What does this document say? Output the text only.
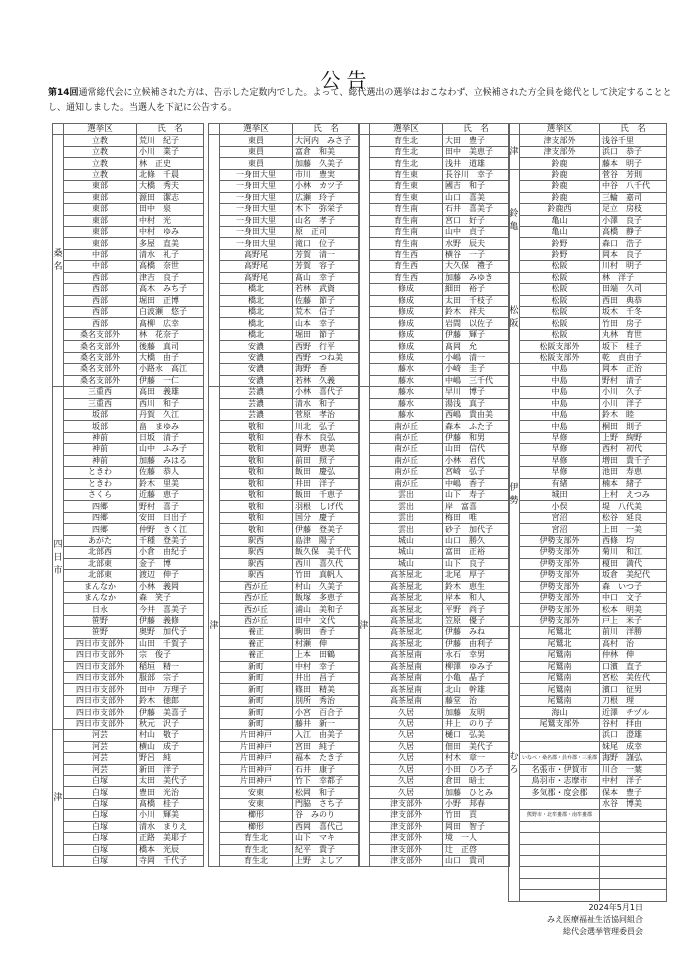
公告
第14回通常総代会に立候補された方は、告示した定数内でした。よって、総代選出の選挙はおこなわず、立候補された方全員を総代として決定することとし、通知しました。当選人を下記に公告する。
	選挙区	氏　名
桑名	立教	荒川　紀子
	立教	小川　業子
	立教	林　正史
	立教	北條　千晨
	東部	大橋　秀夫
	東部	源田　潔志
	東部	田中　泉
	東部	中村　光
	東部	中村　ゆみ
	東部	多屋　直美
	中部	清水　礼子
	中部	高橋　奈世
	西部	津吉　良子
	西部	高木　みち子
	西部	堀田　正博
	西部	白波瀬　悠子
	西部	髙柳　広幸
	桑名支部外	林　花奈子
	桑名支部外	後藤　真司
	桑名支部外	大橋　由子
	桑名支部外	小路永　高江
	桑名支部外	伊藤　一仁
四日市	三重西	高田　義雄
	三重西	西川　和子
	坂部	丹賀　久江
	坂部	畠　まゆみ
	神前	日坂　清子
	神前	山中　ふみ子
	神前	加藤　みはる
	ときわ	佐藤　恭人
	ときわ	鈴木　里美
	さくら	近藤　恵子
	四郷	野村　喜子
	四郷	安田　日出子
	四郷	仲野　きく江
	あがた	千種　登美子
	北部西	小倉　由紀子
	北部東	金子　博
	北部東	渡辺　伸子
	まんなか	小林　義岡
	まんなか	森　笑子
	日永	今井　喜美子
	笹野	伊藤　義修
	笹野	奥野　加代子
	四日市支部外	山田　千賀子
	四日市支部外	宗　俊子
	四日市支部外	稲垣　精一
	四日市支部外	服部　宗子
	四日市支部外	田中　万理子
	四日市支部外	鈴木　徳郎
	四日市支部外	伊藤　美喜子
	四日市支部外	秋元　沢子
津	河芸	村山　敬子
	河芸	横山　成子
	河芸	野呂　純
	河芸	新田　洋子
	白塚	太田　美代子
	白塚	豊田　光治
	白塚	髙橋　桂子
	白塚	小川　輝美
	白塚	清水　まりえ
	白塚	正路　美耶子
	白塚	橋本　光辰
	白塚	寺岡　千代子
	選挙区	氏　名
	東員	大河内　みさ子
	東員	富倉　和美
	東員	加藤　久美子
	一身田大里	市川　豊実
	一身田大里	小林　カツ子
	一身田大里	広瀬　玲子
	一身田大里	木下　弥栄子
	一身田大里	山名　孝子
	一身田大里	原　正司
	一身田大里	滝口　位子
	高野尾	芳賀　清一
	高野尾	芳賀　容子
	高野尾	髙山　幸子
	橋北	若林　武資
	橋北	佐藤　節子
	橋北	荒木　信子
	橋北	山本　幸子
	橋北	堀田　節子
	安濃	西野　行平
	安濃	西野　つね美
	安濃	海野　香
	安濃	若林　久義
津	芸濃	小林　喜代子
	芸濃	清水　和子
	芸濃	菅原　孝治
	敬和	川北　弘子
	敬和	春木　良弘
	敬和	岡野　恵美
	敬和	前田　照子
	敬和	飯田　慶弘
	敬和	井田　洋子
	敬和	飯田　千恵子
	敬和	羽根　しげ代
	敬和	国分　慶子
	敬和	伊藤　登美子
	駅西	島津　陽子
	駅西	飯久保　美千代
	駅西	西川　喜久代
	駅西	竹田　真帆人
	西が丘	村山　久美子
	西が丘	飯塚　多恵子
	西が丘	浦山　美和子
	西が丘	田中　文代
	養正	駒田　香子
	養正	村瀬　伸
	養正	上本　田鶴
	新町	中村　幸子
	新町	井出　昌子
	新町	篠田　精美
	新町	別所　秀治
	新町	小宮　百合子
	新町	藤井　新一
	片田神戸	入江　由美子
	片田神戸	宮田　純子
	片田神戸	福本　たき子
	片田神戸	石井　康子
	片田神戸	竹下　幸都子
	安東	松岡　和子
	安東	門脇　さち子
	櫛形	谷　みのり
	櫛形	西岡　喜代己
	育生北	山下　マキ
	育生北	紀平　貴子
	育生北	上野　よしア
	選挙区	氏　名
	育生北	大田　豊子
	育生北	田中　美恵子
	育生北	浅井　道雄
	育生東	長谷川　幸子
	育生東	國吉　和子
	育生東	山口　喜美
	育生南	石井　喜美子
	育生南	宮口　好子
	育生南	山中　貞子
	育生南	水野　辰夫
	育生西	横谷　一子
	育生西	大久保　禮子
	育生西	加藤　みゆき
	修成	細田　裕子
	修成	太田　千枝子
	修成	鈴木　祥夫
	修成	岩間　以佐子
	修成	伊藤　輝子
	修成	髙岡　允
	修成	小嶋　清一
	藤水	小崎　圭子
	藤水	中嶋　三千代
津	藤水	早川　博子
	藤水	湯浅　真子
	藤水	西嶋　貴由美
	南が丘	森本　ふた子
	南が丘	伊藤　和男
	南が丘	山田　信代
	南が丘	小林　君代
	南が丘	宮崎　弘子
	南が丘	中嶋　香子
	雲出	山下　寿子
	雲出	岸　富喜
	雲出	梅田　唯
	雲出	砂子　加代子
	城山	山口　勝久
	城山	富田　正裕
	城山	山下　良子
	高茶屋北	北尾　厚子
	高茶屋北	鈴木　恵生
	高茶屋北	岸本　和人
	高茶屋北	平野　尚子
	高茶屋北	笠原　優子
	高茶屋北	伊藤　みね
	高茶屋北	伊藤　由利子
	高茶屋南	永石　幸男
	高茶屋南	柳澤　ゆみ子
	高茶屋南	小亀　晶子
	高茶屋南	北山　幹雄
	高茶屋南	藤堂　治
	久居	加藤　友明
	久居	井上　のり子
	久居	樋口　弘美
	久居	佃田　美代子
	久居	村木　章一
	久居	小田　ひろ子
	久居	倉田　暗士
	久居	加藤　ひとみ
	津支部外	小野　邦春
	津支部外	竹田　貢
	津支部外	岡田　智子
	津支部外	境　一人
	津支部外	辻　正啓
	津支部外	山口　貴司
	選挙区	氏　名
津	津支部外	浅谷千里
	津支部外	浜口　恭子
	鈴鹿	藤本　明子
鈴亀	鈴鹿	菅谷　芳則
	鈴鹿	中谷　八千代
	鈴鹿	三輪　嘉司
	鈴鹿西	足立　房枝
	亀山	小澤　良子
	亀山	高橋　静子
	鈴野	森口　浩子
	鈴野	岡本　良子
	松阪	川村　明子
松阪	松阪	林　洋子
	松阪	田端　久司
	松阪	西田　典恭
	松阪	坂木　千冬
	松阪	竹田　房子
	松阪	丸林　育世
	松阪支部外	坂下　桂子
	松阪支部外	乾　貞由子
伊勢	中島	岡本　正治
	中島	野村　清子
	中島	小川　久子
	中島	小川　洋子
	中島	鈴木　睦
	中島	桐田　則子
	早修	上野　絢野
	早修	西村　初代
	早修	増田　貴千子
	早修	池田　寿恵
	有緒	楠本　緒子
	城田	上村　えつみ
	小俣	堤　八代美
	宮沼	松谷　延良
	宮沼	上田　一美
	伊勢支部外	西條　均
	伊勢支部外	菊川　和江
	伊勢支部外	榎田　満代
	伊勢支部外	坂倉　美紀代
	伊勢支部外	森　いつ子
	伊勢支部外	中口　文子
	伊勢支部外	松本　明美
	伊勢支部外	戸上　米子
むろ	尾鷲北	前川　洋勝
	尾鷲北	高村　治
	尾鷲南	仲林　伸
	尾鷲南	口濱　直子
	尾鷲南	宮松　美佐代
	尾鷲南	濱口　征男
	尾鷲南	刀根　理
	海山	近澤　チヅル
	尾鷲支部外	谷村　拝由
		浜口　澄雄
		妹尾　成幸
	いなべ・桑名郡・員弁郡・三重郡	海野　謹弘
	名張市・伊賀市	川合　一葉
	鳥羽市・志摩市	中村　洋子
	多気郡・度会郡	保本　豊子
		水谷　博美
	熊野市・北牟婁郡・南牟婁郡	

2024年5月1日
みえ医療福祉生活協同組合
総代会選挙管理委員会
